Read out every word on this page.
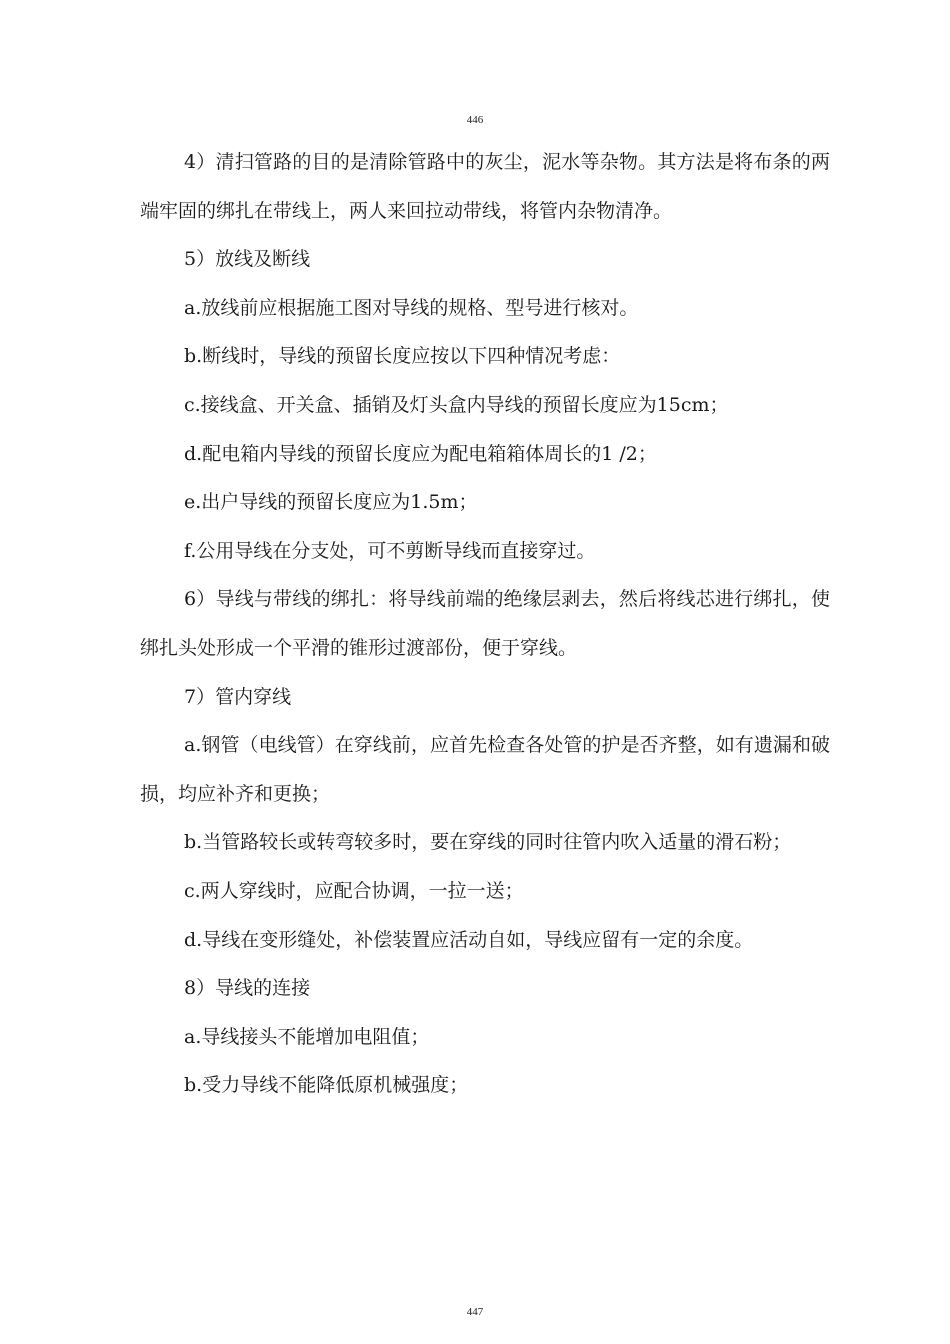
446

4）清扫管路的目的是清除管路中的灰尘，泥水等杂物。其方法是将布条的两端牢固的绑扎在带线上，两人来回拉动带线，将管内杂物清净。

5）放线及断线

a.放线前应根据施工图对导线的规格、型号进行核对。

b.断线时，导线的预留长度应按以下四种情况考虑：

c.接线盒、开关盒、插销及灯头盒内导线的预留长度应为15cm；

d.配电箱内导线的预留长度应为配电箱箱体周长的1 /2；

e.出户导线的预留长度应为1.5m；

f.公用导线在分支处，可不剪断导线而直接穿过。

6）导线与带线的绑扎：将导线前端的绝缘层剥去，然后将线芯进行绑扎，使绑扎头处形成一个平滑的锥形过渡部份，便于穿线。

7）管内穿线

a.钢管（电线管）在穿线前，应首先检查各处管的护是否齐整，如有遗漏和破损，均应补齐和更换；

b.当管路较长或转弯较多时，要在穿线的同时往管内吹入适量的滑石粉；

c.两人穿线时，应配合协调，一拉一送；

d.导线在变形缝处，补偿装置应活动自如，导线应留有一定的余度。

8）导线的连接

a.导线接头不能增加电阻值；

b.受力导线不能降低原机械强度；

447
